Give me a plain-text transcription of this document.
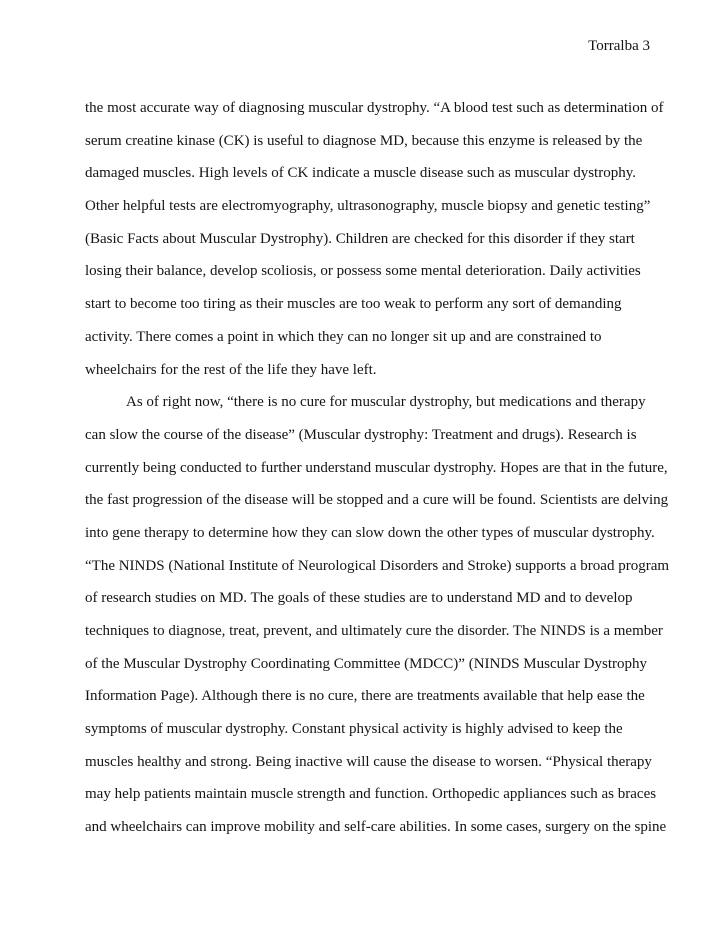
Torralba 3
the most accurate way of diagnosing muscular dystrophy. “A blood test such as determination of
serum creatine kinase (CK) is useful to diagnose MD, because this enzyme is released by the
damaged muscles. High levels of CK indicate a muscle disease such as muscular dystrophy.
Other helpful tests are electromyography, ultrasonography, muscle biopsy and genetic testing”
(Basic Facts about Muscular Dystrophy). Children are checked for this disorder if they start
losing their balance, develop scoliosis, or possess some mental deterioration. Daily activities
start to become too tiring as their muscles are too weak to perform any sort of demanding
activity. There comes a point in which they can no longer sit up and are constrained to
wheelchairs for the rest of the life they have left.
As of right now, “there is no cure for muscular dystrophy, but medications and therapy
can slow the course of the disease” (Muscular dystrophy: Treatment and drugs). Research is
currently being conducted to further understand muscular dystrophy. Hopes are that in the future,
the fast progression of the disease will be stopped and a cure will be found. Scientists are delving
into gene therapy to determine how they can slow down the other types of muscular dystrophy.
“The NINDS (National Institute of Neurological Disorders and Stroke) supports a broad program
of research studies on MD. The goals of these studies are to understand MD and to develop
techniques to diagnose, treat, prevent, and ultimately cure the disorder. The NINDS is a member
of the Muscular Dystrophy Coordinating Committee (MDCC)” (NINDS Muscular Dystrophy
Information Page). Although there is no cure, there are treatments available that help ease the
symptoms of muscular dystrophy. Constant physical activity is highly advised to keep the
muscles healthy and strong. Being inactive will cause the disease to worsen. “Physical therapy
may help patients maintain muscle strength and function. Orthopedic appliances such as braces
and wheelchairs can improve mobility and self-care abilities. In some cases, surgery on the spine
